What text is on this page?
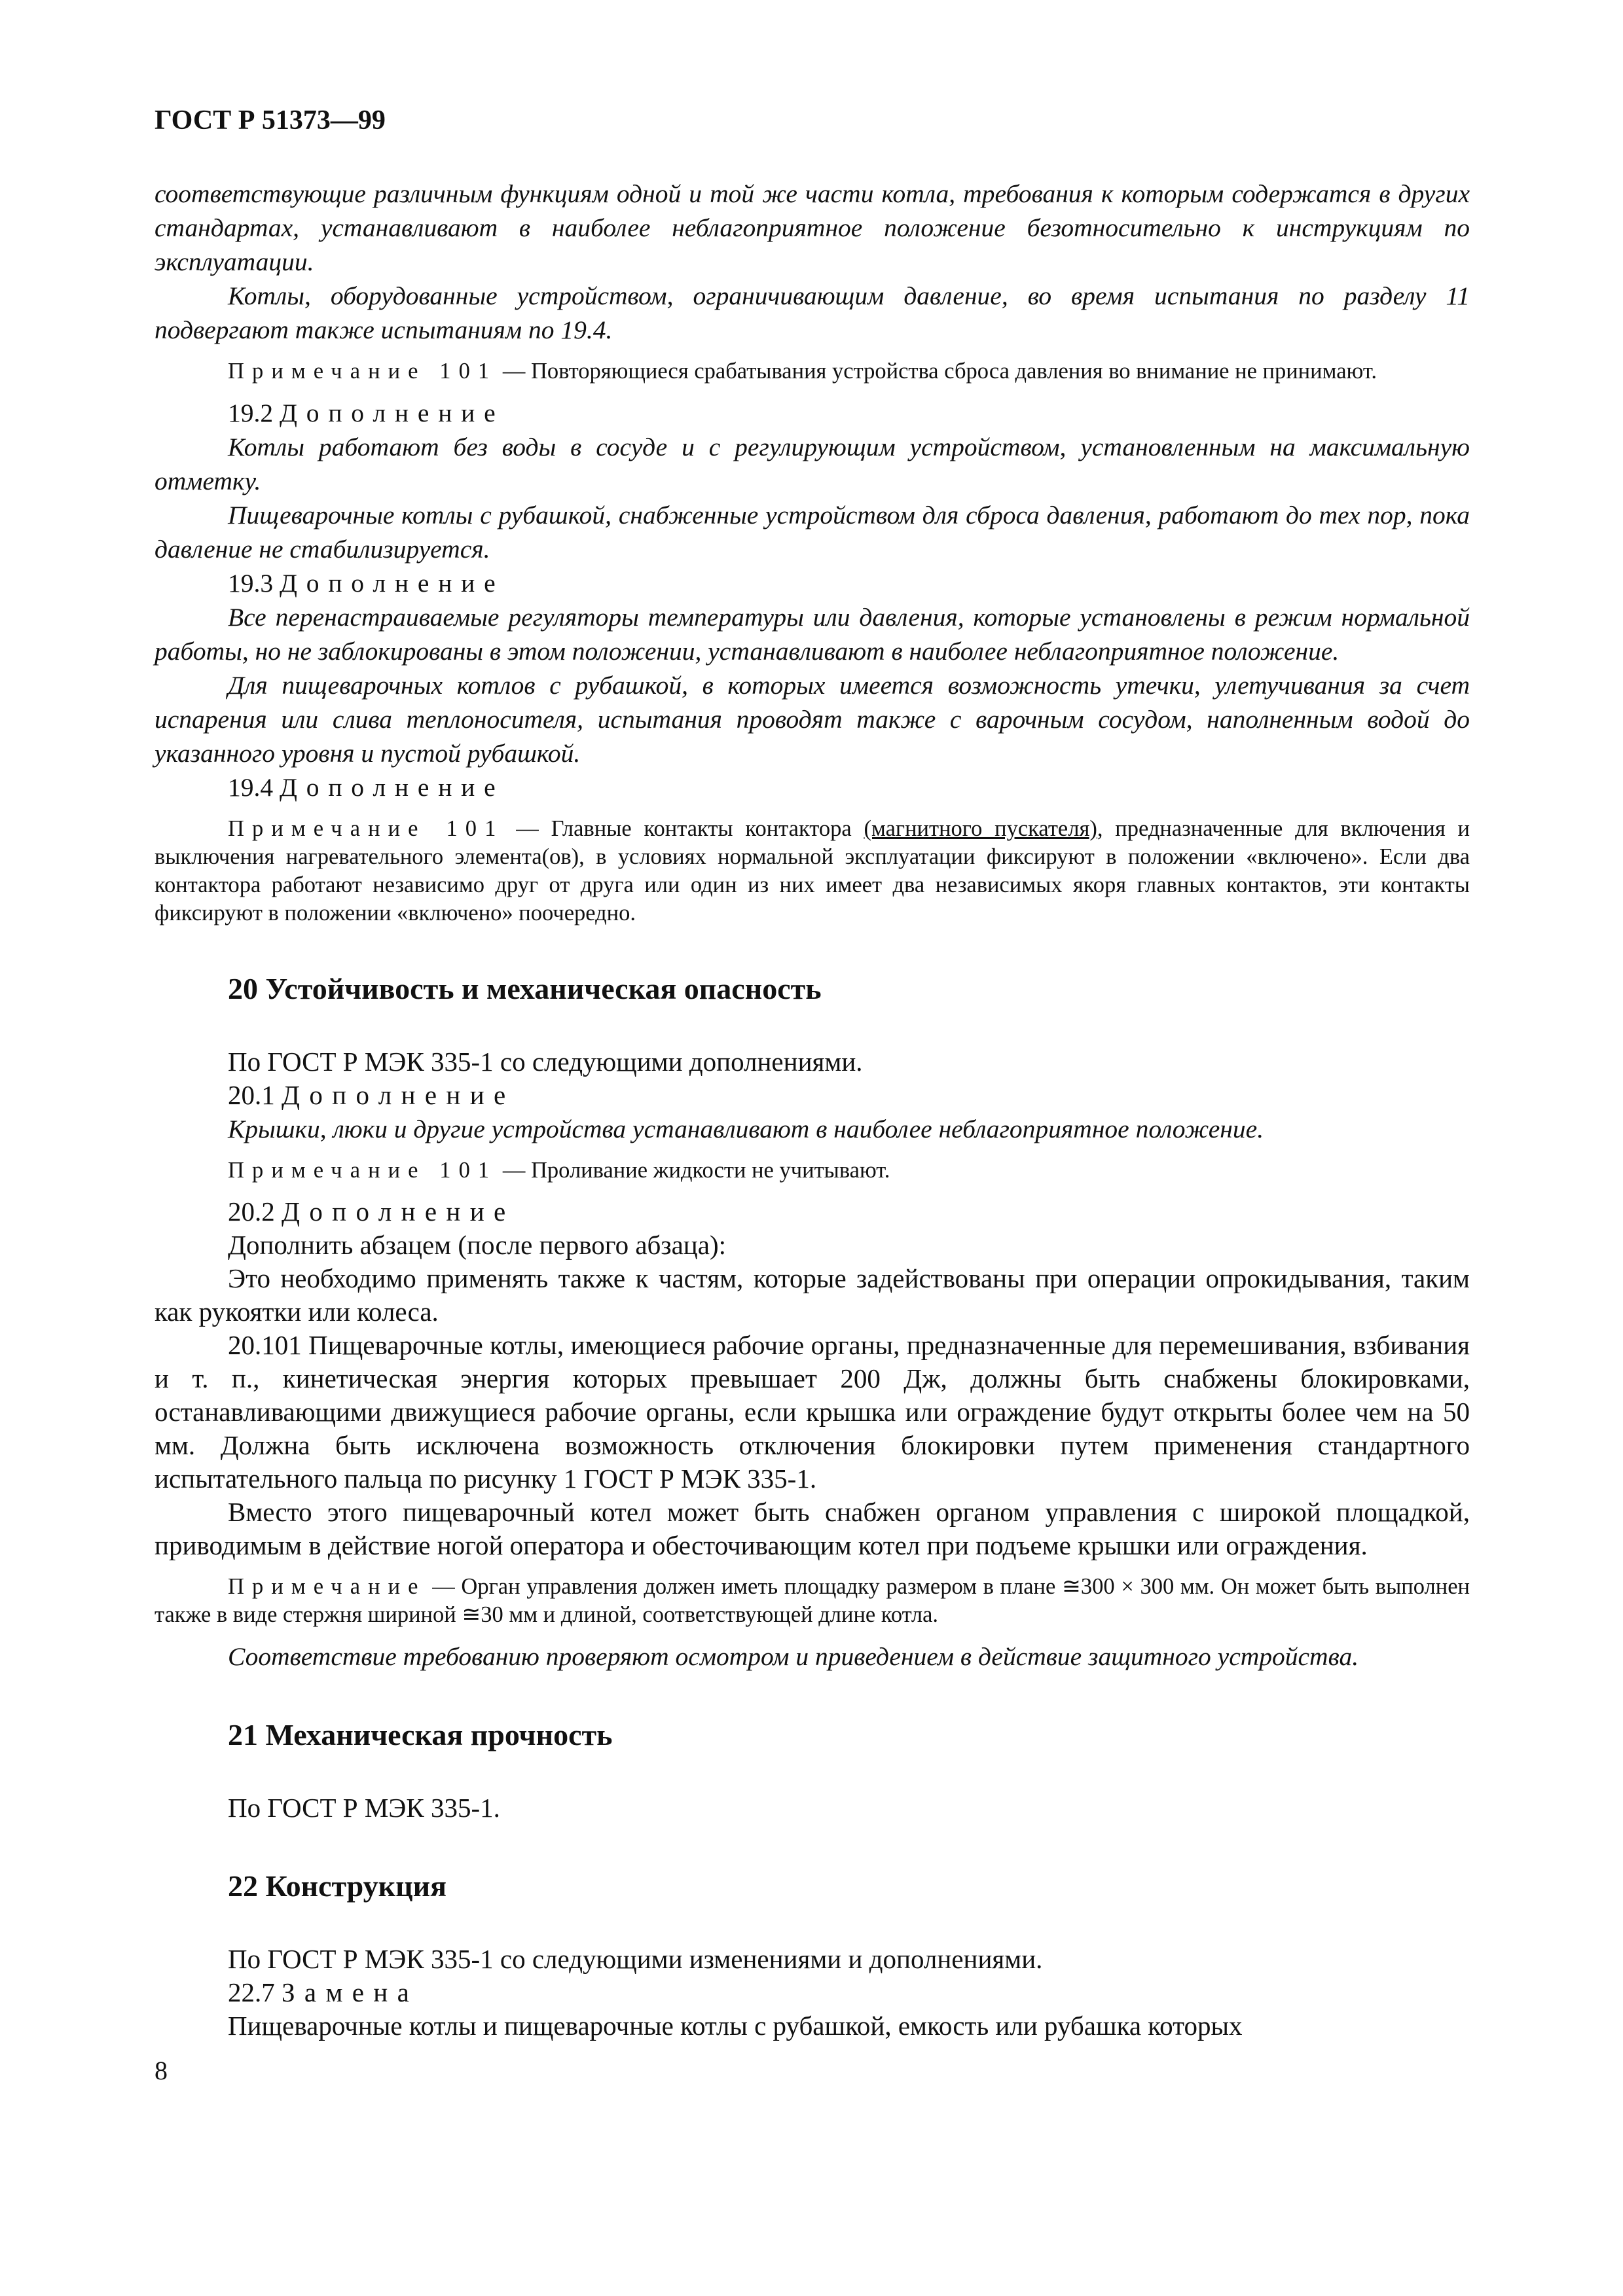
ГОСТ Р 51373—99

соответствующие различным функциям одной и той же части котла, требования к которым содержатся в других стандартах, устанавливают в наиболее неблагоприятное положение безотносительно к инструкциям по эксплуатации.

Котлы, оборудованные устройством, ограничивающим давление, во время испытания по разделу 11 подвергают также испытаниям по 19.4.

Примечание 101 — Повторяющиеся срабатывания устройства сброса давления во внимание не принимают.

19.2 Дополнение

Котлы работают без воды в сосуде и с регулирующим устройством, установленным на максимальную отметку.

Пищеварочные котлы с рубашкой, снабженные устройством для сброса давления, работают до тех пор, пока давление не стабилизируется.

19.3 Дополнение

Все перенастраиваемые регуляторы температуры или давления, которые установлены в режим нормальной работы, но не заблокированы в этом положении, устанавливают в наиболее неблагоприятное положение.

Для пищеварочных котлов с рубашкой, в которых имеется возможность утечки, улетучивания за счет испарения или слива теплоносителя, испытания проводят также с варочным сосудом, наполненным водой до указанного уровня и пустой рубашкой.

19.4 Дополнение

Примечание 101 — Главные контакты контактора (магнитного пускателя), предназначенные для включения и выключения нагревательного элемента(ов), в условиях нормальной эксплуатации фиксируют в положении «включено». Если два контактора работают независимо друг от друга или один из них имеет два независимых якоря главных контактов, эти контакты фиксируют в положении «включено» поочередно.

20 Устойчивость и механическая опасность

По ГОСТ Р МЭК 335-1 со следующими дополнениями.

20.1 Дополнение

Крышки, люки и другие устройства устанавливают в наиболее неблагоприятное положение.

Примечание 101 — Проливание жидкости не учитывают.

20.2 Дополнение

Дополнить абзацем (после первого абзаца):

Это необходимо применять также к частям, которые задействованы при операции опрокидывания, таким как рукоятки или колеса.

20.101 Пищеварочные котлы, имеющиеся рабочие органы, предназначенные для перемешивания, взбивания и т. п., кинетическая энергия которых превышает 200 Дж, должны быть снабжены блокировками, останавливающими движущиеся рабочие органы, если крышка или ограждение будут открыты более чем на 50 мм. Должна быть исключена возможность отключения блокировки путем применения стандартного испытательного пальца по рисунку 1 ГОСТ Р МЭК 335-1.

Вместо этого пищеварочный котел может быть снабжен органом управления с широкой площадкой, приводимым в действие ногой оператора и обесточивающим котел при подъеме крышки или ограждения.

Примечание — Орган управления должен иметь площадку размером в плане ≅300 × 300 мм. Он может быть выполнен также в виде стержня шириной ≅30 мм и длиной, соответствующей длине котла.

Соответствие требованию проверяют осмотром и приведением в действие защитного устройства.

21 Механическая прочность

По ГОСТ Р МЭК 335-1.

22 Конструкция

По ГОСТ Р МЭК 335-1 со следующими изменениями и дополнениями.

22.7 Замена

Пищеварочные котлы и пищеварочные котлы с рубашкой, емкость или рубашка которых

8
